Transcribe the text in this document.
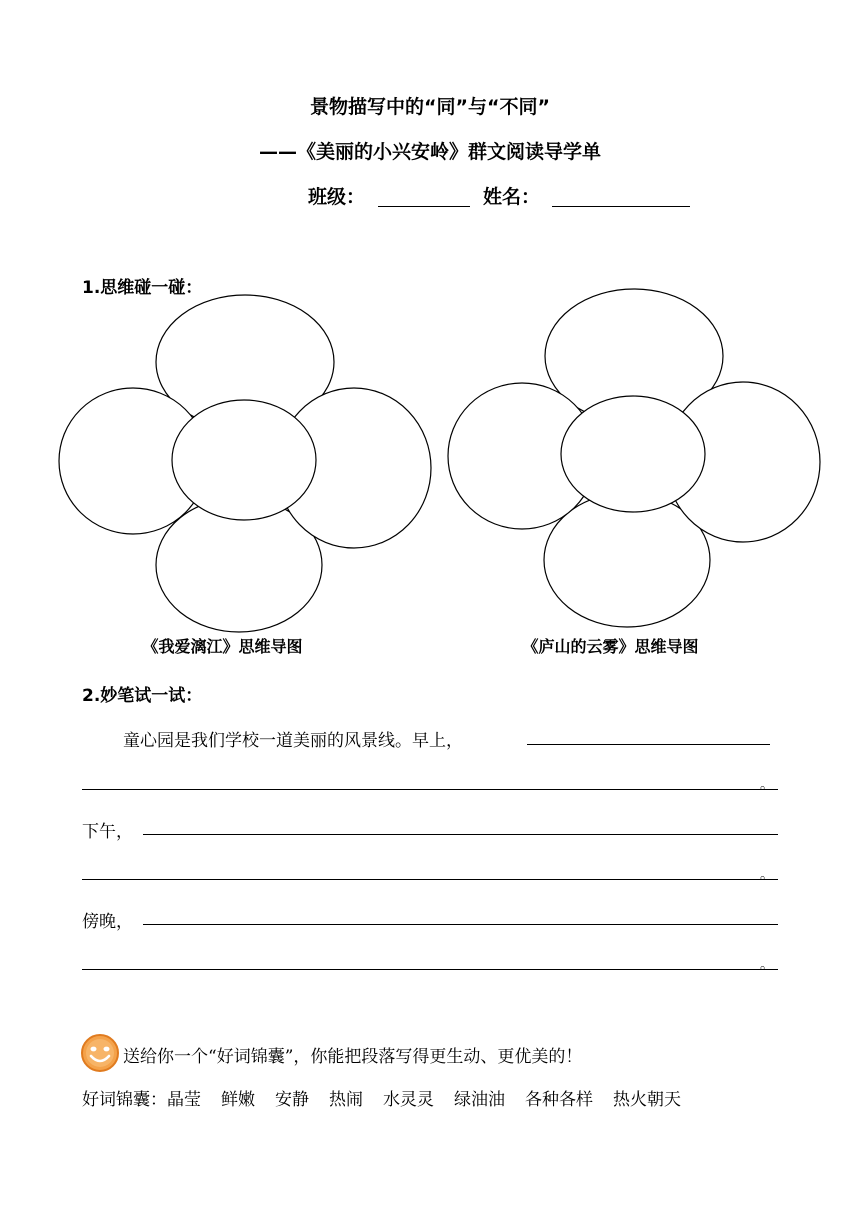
景物描写中的“同”与“不同”
——《美丽的小兴安岭》群文阅读导学单
班级：	姓名：
1.思维碰一碰：
《我爱漓江》思维导图	《庐山的云雾》思维导图
2.妙笔试一试：
童心园是我们学校一道美丽的风景线。早上，
。
下午，
。
傍晚，
。
送给你一个“好词锦囊”，你能把段落写得更生动、更优美的！
好词锦囊：晶莹 鲜嫩 安静 热闹 水灵灵 绿油油 各种各样 热火朝天
